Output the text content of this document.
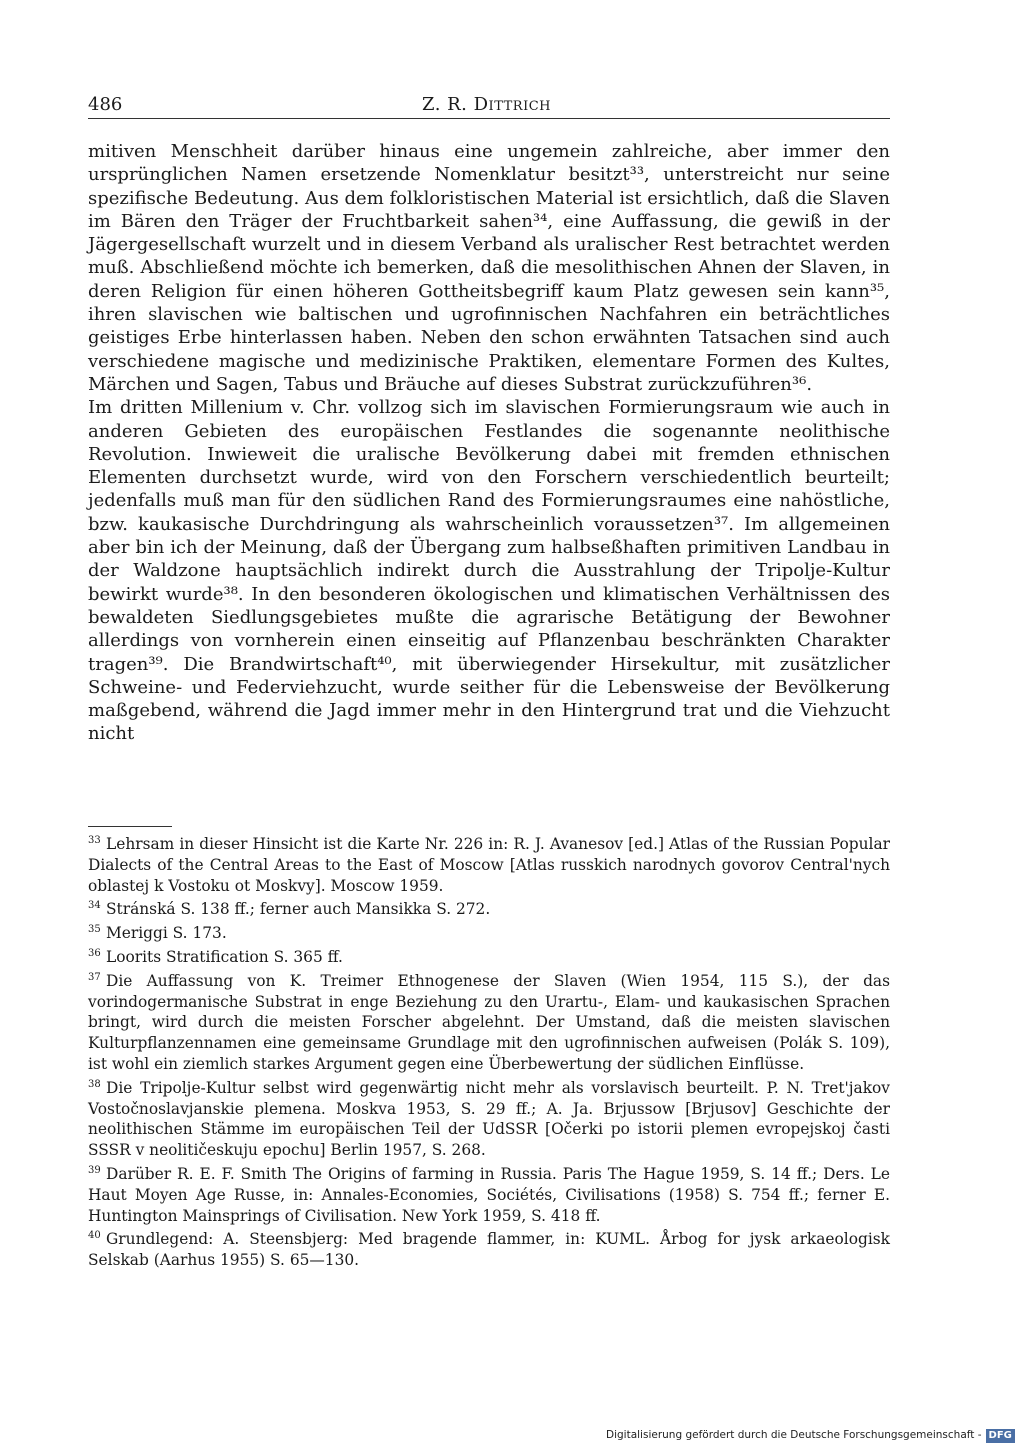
486	Z. R. Dittrich

mitiven Menschheit darüber hinaus eine ungemein zahlreiche, aber immer den ursprünglichen Namen ersetzende Nomenklatur besitzt³³, unterstreicht nur seine spezifische Bedeutung. Aus dem folkloristischen Material ist ersichtlich, daß die Slaven im Bären den Träger der Fruchtbarkeit sahen³⁴, eine Auffassung, die gewiß in der Jägergesellschaft wurzelt und in diesem Verband als uralischer Rest betrachtet werden muß. Abschließend möchte ich bemerken, daß die mesolithischen Ahnen der Slaven, in deren Religion für einen höheren Gottheitsbegriff kaum Platz gewesen sein kann³⁵, ihren slavischen wie baltischen und ugrofinnischen Nachfahren ein beträchtliches geistiges Erbe hinterlassen haben. Neben den schon erwähnten Tatsachen sind auch verschiedene magische und medizinische Praktiken, elementare Formen des Kultes, Märchen und Sagen, Tabus und Bräuche auf dieses Substrat zurückzuführen³⁶.

Im dritten Millenium v. Chr. vollzog sich im slavischen Formierungsraum wie auch in anderen Gebieten des europäischen Festlandes die sogenannte neolithische Revolution. Inwieweit die uralische Bevölkerung dabei mit fremden ethnischen Elementen durchsetzt wurde, wird von den Forschern verschiedentlich beurteilt; jedenfalls muß man für den südlichen Rand des Formierungsraumes eine nahöstliche, bzw. kaukasische Durchdringung als wahrscheinlich voraussetzen³⁷. Im allgemeinen aber bin ich der Meinung, daß der Übergang zum halbseßhaften primitiven Landbau in der Waldzone hauptsächlich indirekt durch die Ausstrahlung der Tripolje-Kultur bewirkt wurde³⁸. In den besonderen ökologischen und klimatischen Verhältnissen des bewaldeten Siedlungsgebietes mußte die agrarische Betätigung der Bewohner allerdings von vornherein einen einseitig auf Pflanzenbau beschränkten Charakter tragen³⁹. Die Brandwirtschaft⁴⁰, mit überwiegender Hirsekultur, mit zusätzlicher Schweine- und Federviehzucht, wurde seither für die Lebensweise der Bevölkerung maßgebend, während die Jagd immer mehr in den Hintergrund trat und die Viehzucht nicht

33 Lehrsam in dieser Hinsicht ist die Karte Nr. 226 in: R. J. Avanesov [ed.] Atlas of the Russian Popular Dialects of the Central Areas to the East of Moscow [Atlas russkich narodnych govorov Central'nych oblastej k Vostoku ot Moskvy]. Moscow 1959.

34 Stránská S. 138 ff.; ferner auch Mansikka S. 272.

35 Meriggi S. 173.

36 Loorits Stratification S. 365 ff.

37 Die Auffassung von K. Treimer Ethnogenese der Slaven (Wien 1954, 115 S.), der das vorindogermanische Substrat in enge Beziehung zu den Urartu-, Elam- und kaukasischen Sprachen bringt, wird durch die meisten Forscher abgelehnt. Der Umstand, daß die meisten slavischen Kulturpflanzennamen eine gemeinsame Grundlage mit den ugrofinnischen aufweisen (Polák S. 109), ist wohl ein ziemlich starkes Argument gegen eine Überbewertung der südlichen Einflüsse.

38 Die Tripolje-Kultur selbst wird gegenwärtig nicht mehr als vorslavisch beurteilt. P. N. Tret'jakov Vostočnoslavjanskie plemena. Moskva 1953, S. 29 ff.; A. Ja. Brjussow [Brjusov] Geschichte der neolithischen Stämme im europäischen Teil der UdSSR [Očerki po istorii plemen evropejskoj časti SSSR v neolitičeskuju epochu] Berlin 1957, S. 268.

39 Darüber R. E. F. Smith The Origins of farming in Russia. Paris The Hague 1959, S. 14 ff.; Ders. Le Haut Moyen Age Russe, in: Annales-Economies, Sociétés, Civilisations (1958) S. 754 ff.; ferner E. Huntington Mainsprings of Civilisation. New York 1959, S. 418 ff.

40 Grundlegend: A. Steensbjerg: Med bragende flammer, in: KUML. Årbog for jysk arkaeologisk Selskab (Aarhus 1955) S. 65—130.

Digitalisierung gefördert durch die Deutsche Forschungsgemeinschaft - DFG
